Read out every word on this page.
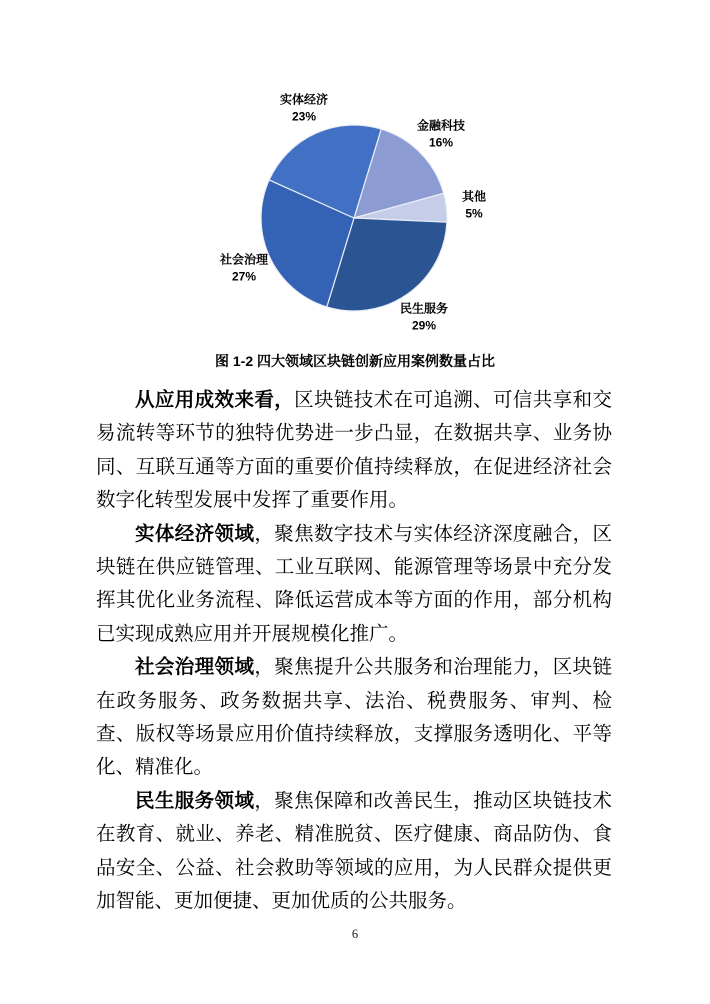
金融科技
16%
其他
5%
民生服务
29%
社会治理
27%
实体经济
23%
图 1-2 四大领域区块链创新应用案例数量占比

从应用成效来看，区块链技术在可追溯、可信共享和交易流转等环节的独特优势进一步凸显，在数据共享、业务协同、互联互通等方面的重要价值持续释放，在促进经济社会数字化转型发展中发挥了重要作用。

实体经济领域，聚焦数字技术与实体经济深度融合，区块链在供应链管理、工业互联网、能源管理等场景中充分发挥其优化业务流程、降低运营成本等方面的作用，部分机构已实现成熟应用并开展规模化推广。

社会治理领域，聚焦提升公共服务和治理能力，区块链在政务服务、政务数据共享、法治、税费服务、审判、检查、版权等场景应用价值持续释放，支撑服务透明化、平等化、精准化。

民生服务领域，聚焦保障和改善民生，推动区块链技术在教育、就业、养老、精准脱贫、医疗健康、商品防伪、食品安全、公益、社会救助等领域的应用，为人民群众提供更加智能、更加便捷、更加优质的公共服务。

6
